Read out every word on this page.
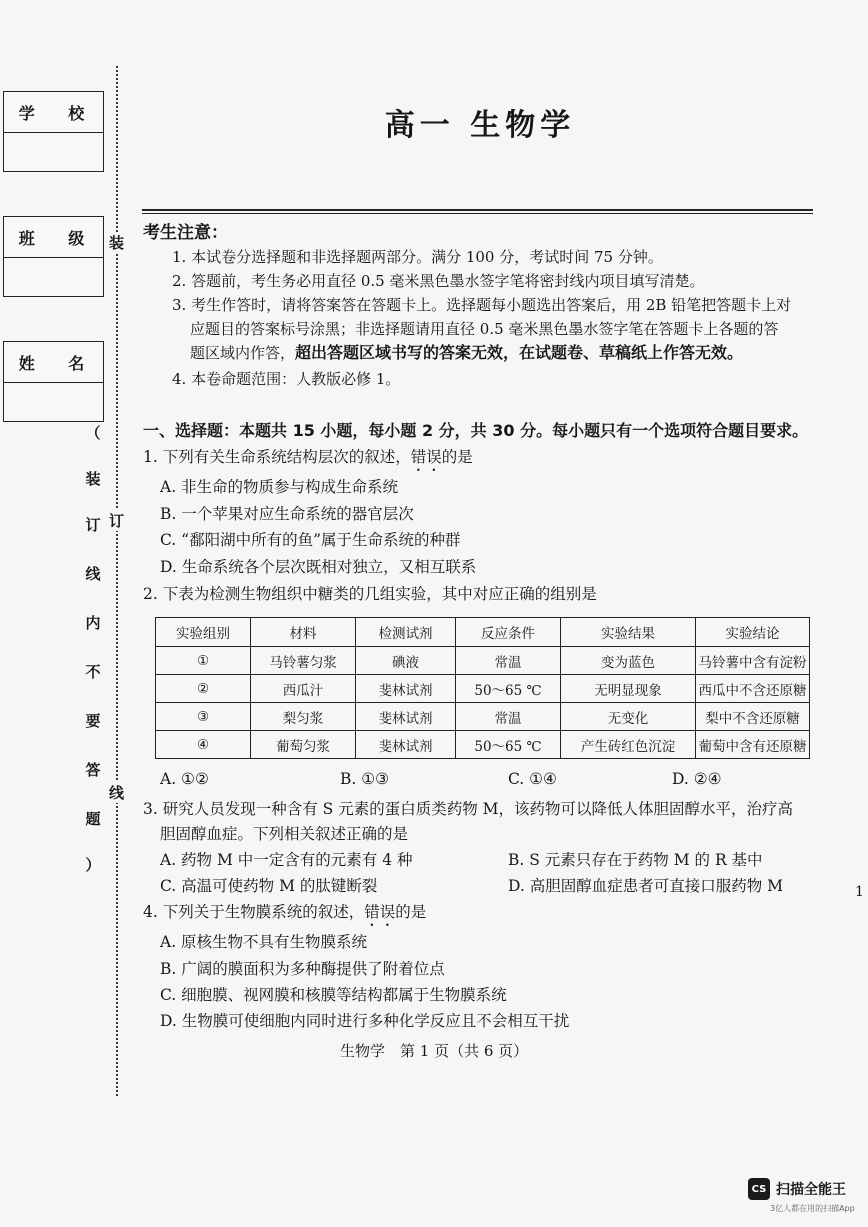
学 校
班 级
姓 名
（
装
订
线
内
不
要
答
题
）
装
订
线
高一 生物学
考生注意：
1. 本试卷分选择题和非选择题两部分。满分 100 分，考试时间 75 分钟。
2. 答题前，考生务必用直径 0.5 毫米黑色墨水签字笔将密封线内项目填写清楚。
3. 考生作答时，请将答案答在答题卡上。选择题每小题选出答案后，用 2B 铅笔把答题卡上对
应题目的答案标号涂黑；非选择题请用直径 0.5 毫米黑色墨水签字笔在答题卡上各题的答
题区域内作答，超出答题区域书写的答案无效，在试题卷、草稿纸上作答无效。
4. 本卷命题范围：人教版必修 1。
一、选择题：本题共 15 小题，每小题 2 分，共 30 分。每小题只有一个选项符合题目要求。
1. 下列有关生命系统结构层次的叙述，错误的是
A. 非生命的物质参与构成生命系统
B. 一个苹果对应生命系统的器官层次
C. “鄱阳湖中所有的鱼”属于生命系统的种群
D. 生命系统各个层次既相对独立，又相互联系
2. 下表为检测生物组织中糖类的几组实验，其中对应正确的组别是
实验组别	材料	检测试剂	反应条件	实验结果	实验结论
①	马铃薯匀浆	碘液	常温	变为蓝色	马铃薯中含有淀粉
②	西瓜汁	斐林试剂	50～65 ℃	无明显现象	西瓜中不含还原糖
③	梨匀浆	斐林试剂	常温	无变化	梨中不含还原糖
④	葡萄匀浆	斐林试剂	50～65 ℃	产生砖红色沉淀	葡萄中含有还原糖
A. ①②	B. ①③	C. ①④	D. ②④
3. 研究人员发现一种含有 S 元素的蛋白质类药物 M，该药物可以降低人体胆固醇水平，治疗高
胆固醇血症。下列相关叙述正确的是
A. 药物 M 中一定含有的元素有 4 种	B. S 元素只存在于药物 M 的 R 基中
C. 高温可使药物 M 的肽键断裂	D. 高胆固醇血症患者可直接口服药物 M
4. 下列关于生物膜系统的叙述，错误的是
A. 原核生物不具有生物膜系统
B. 广阔的膜面积为多种酶提供了附着位点
C. 细胞膜、视网膜和核膜等结构都属于生物膜系统
D. 生物膜可使细胞内同时进行多种化学反应且不会相互干扰
生物学　第 1 页（共 6 页）
1
CS 扫描全能王
3亿人都在用的扫描App
